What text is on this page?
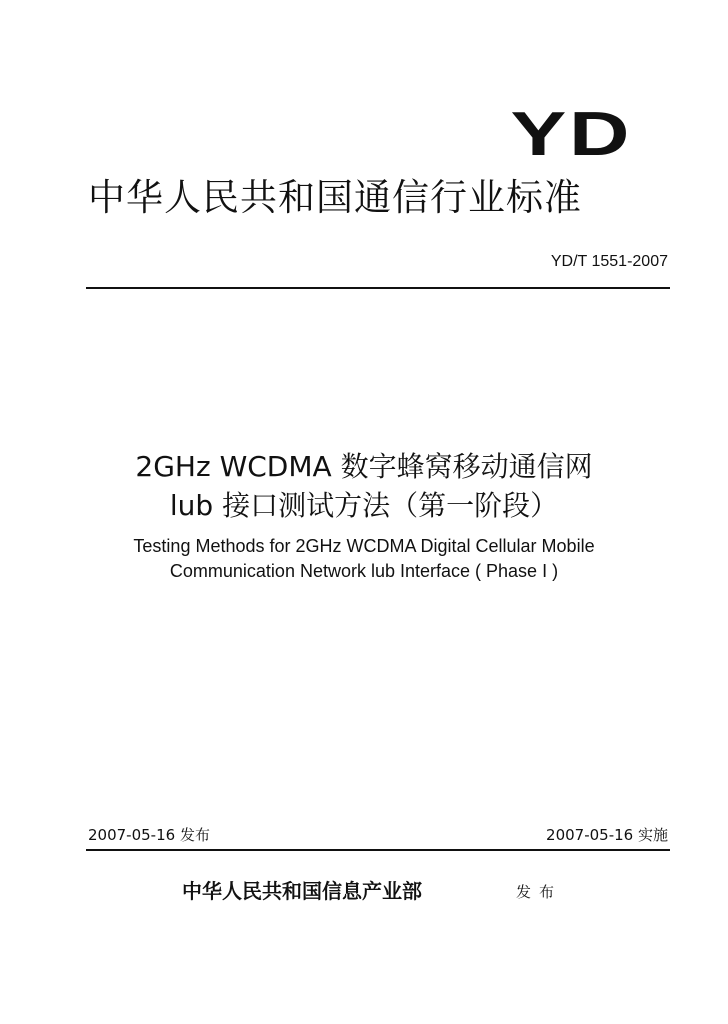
YD
中华人民共和国通信行业标准
YD/T 1551-2007
2GHz WCDMA 数字蜂窝移动通信网
lub 接口测试方法（第一阶段）
Testing Methods for 2GHz WCDMA Digital Cellular Mobile
Communication Network lub Interface ( Phase I )
2007-05-16 发布	2007-05-16 实施
中华人民共和国信息产业部	发布
